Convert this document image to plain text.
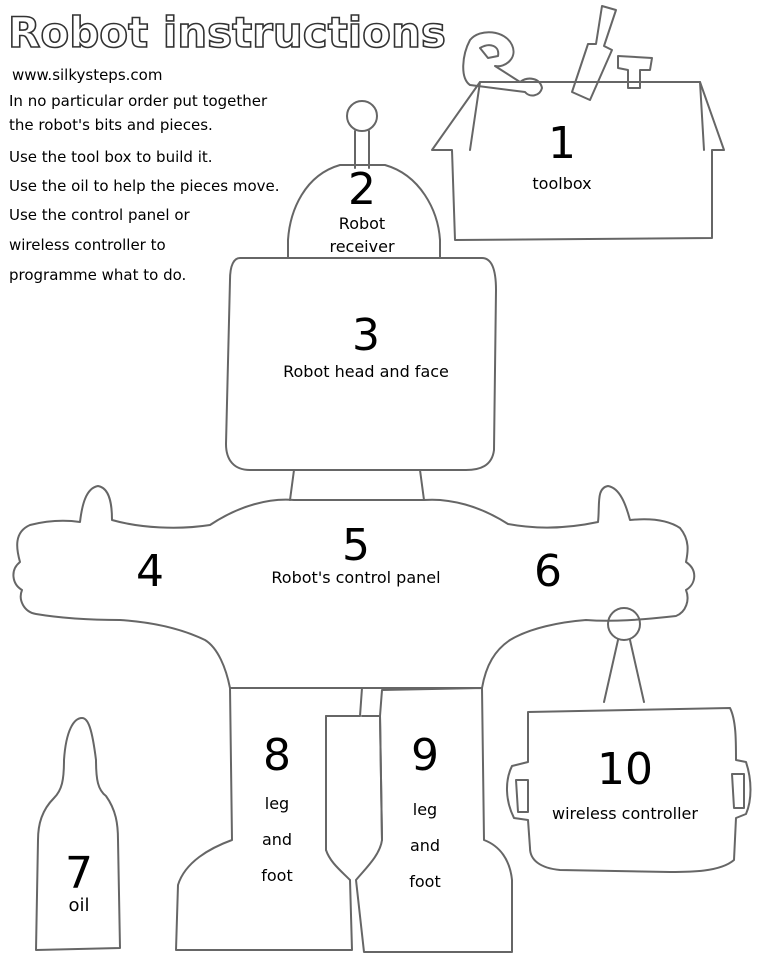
Robot instructions
www.silkysteps.com
In no particular order put together
the robot's bits and pieces.
Use the tool box to build it.
Use the oil to help the pieces move.
Use the control panel or
wireless controller to
programme what to do.
1
toolbox
2
Robot
receiver
3
Robot head and face
4
5
Robot's control panel	6
7
oil
8
leg
and
foot
9
leg
and
foot
10
wireless controller
